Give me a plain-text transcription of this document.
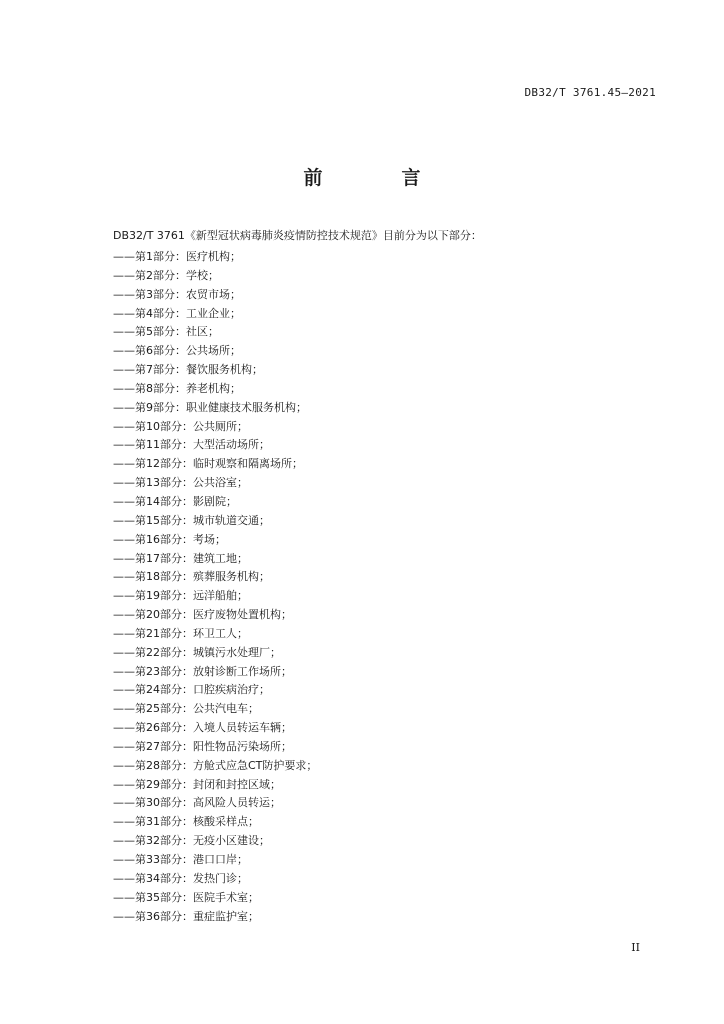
DB32/T 3761.45—2021
前　言
DB32/T 3761《新型冠状病毒肺炎疫情防控技术规范》目前分为以下部分：
——第1部分：医疗机构；
——第2部分：学校；
——第3部分：农贸市场；
——第4部分：工业企业；
——第5部分：社区；
——第6部分：公共场所；
——第7部分：餐饮服务机构；
——第8部分：养老机构；
——第9部分：职业健康技术服务机构；
——第10部分：公共厕所；
——第11部分：大型活动场所；
——第12部分：临时观察和隔离场所；
——第13部分：公共浴室；
——第14部分：影剧院；
——第15部分：城市轨道交通；
——第16部分：考场；
——第17部分：建筑工地；
——第18部分：殡葬服务机构；
——第19部分：远洋船舶；
——第20部分：医疗废物处置机构；
——第21部分：环卫工人；
——第22部分：城镇污水处理厂；
——第23部分：放射诊断工作场所；
——第24部分：口腔疾病治疗；
——第25部分：公共汽电车；
——第26部分：入境人员转运车辆；
——第27部分：阳性物品污染场所；
——第28部分：方舱式应急CT防护要求；
——第29部分：封闭和封控区域；
——第30部分：高风险人员转运；
——第31部分：核酸采样点；
——第32部分：无疫小区建设；
——第33部分：港口口岸；
——第34部分：发热门诊；
——第35部分：医院手术室；
——第36部分：重症监护室；
II
